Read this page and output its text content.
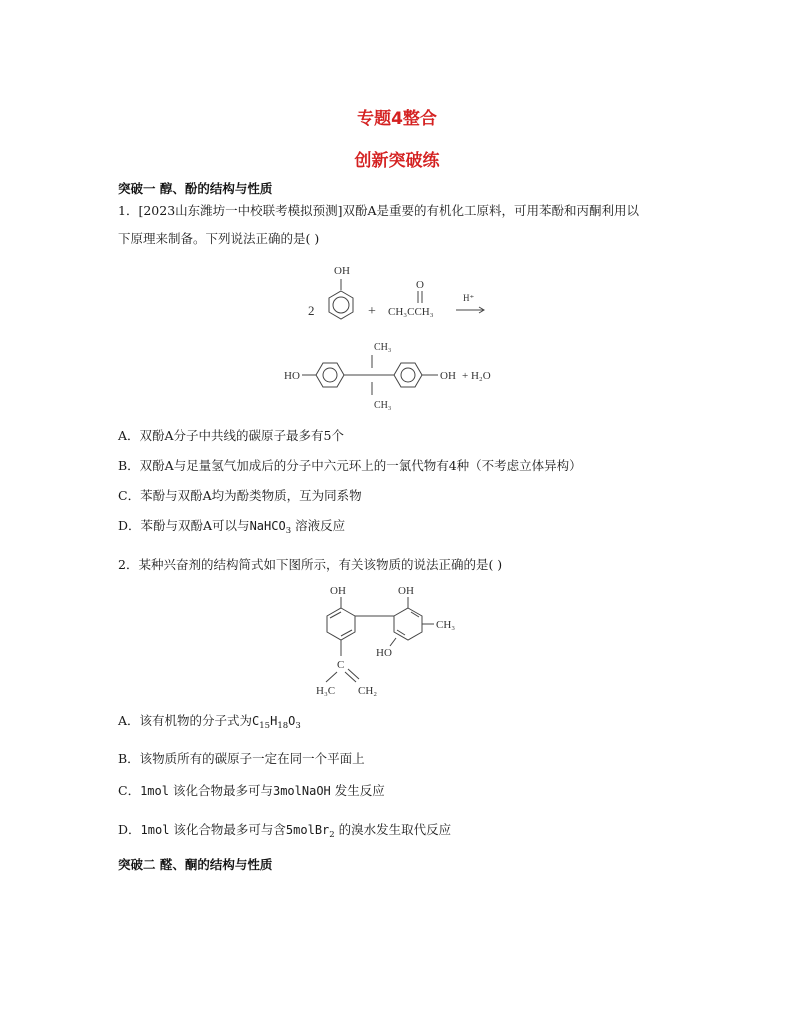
专题4整合
创新突破练
突破一 醇、酚的结构与性质
1．[2023山东潍坊一中校联考模拟预测]双酚A是重要的有机化工原料，可用苯酚和丙酮利用以
下原理来制备。下列说法正确的是( )
2
OH
+
O
CH₃CCH₃
H⁺
CH₃
CH₃
HO	OH + H₂O
A．双酚A分子中共线的碳原子最多有5个
B．双酚A与足量氢气加成后的分子中六元环上的一氯代物有4种（不考虑立体异构）
C．苯酚与双酚A均为酚类物质，互为同系物
D．苯酚与双酚A可以与NaHCO$_3$ 溶液反应
2．某种兴奋剂的结构简式如下图所示，有关该物质的说法正确的是( )
OH	OH
CH₃
HO
C
H₃C CH₂
A．该有机物的分子式为$C_{15}H_{18}O_3$
B．该物质所有的碳原子一定在同一个平面上
C．1mol 该化合物最多可与3molNaOH 发生反应
D．1mol 该化合物最多可与含5molBr$_2$ 的溴水发生取代反应
突破二 醛、酮的结构与性质
